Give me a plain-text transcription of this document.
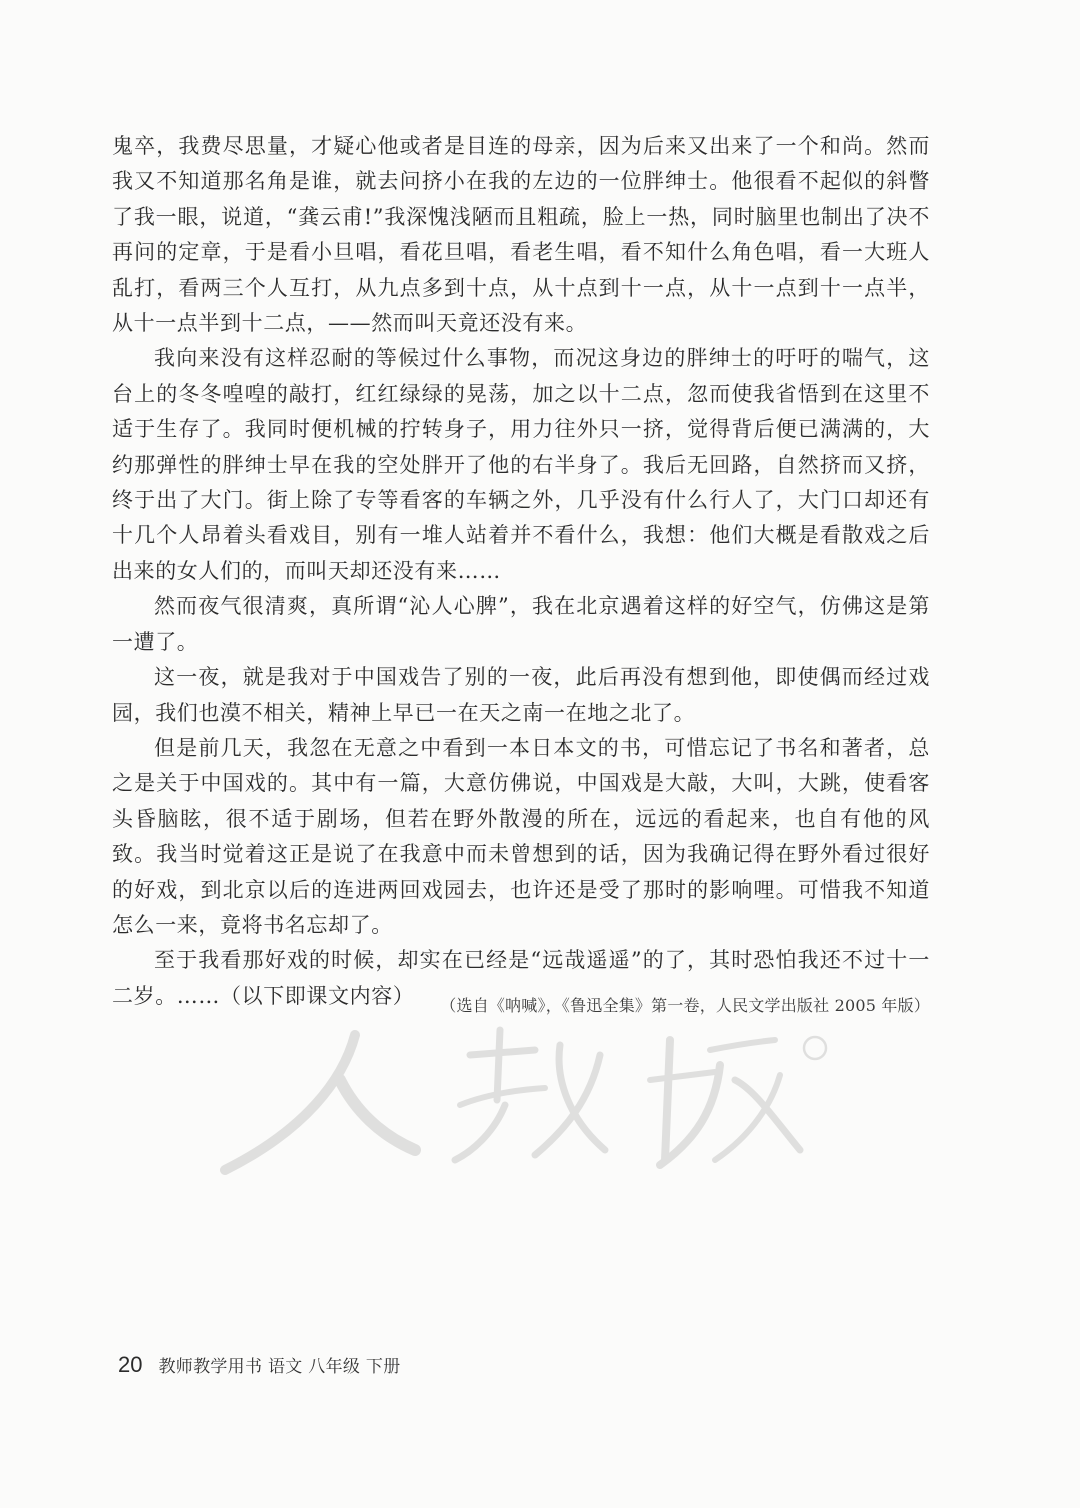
鬼卒，我费尽思量，才疑心他或者是目连的母亲，因为后来又出来了一个和尚。然而我又不知道那名角是谁，就去问挤小在我的左边的一位胖绅士。他很看不起似的斜瞥了我一眼，说道，“龚云甫!”我深愧浅陋而且粗疏，脸上一热，同时脑里也制出了决不再问的定章，于是看小旦唱，看花旦唱，看老生唱，看不知什么角色唱，看一大班人乱打，看两三个人互打，从九点多到十点，从十点到十一点，从十一点到十一点半，从十一点半到十二点，——然而叫天竟还没有来。

我向来没有这样忍耐的等候过什么事物，而况这身边的胖绅士的吁吁的喘气，这台上的冬冬喤喤的敲打，红红绿绿的晃荡，加之以十二点，忽而使我省悟到在这里不适于生存了。我同时便机械的拧转身子，用力往外只一挤，觉得背后便已满满的，大约那弹性的胖绅士早在我的空处胖开了他的右半身了。我后无回路，自然挤而又挤，终于出了大门。街上除了专等看客的车辆之外，几乎没有什么行人了，大门口却还有十几个人昂着头看戏目，别有一堆人站着并不看什么，我想：他们大概是看散戏之后出来的女人们的，而叫天却还没有来……

然而夜气很清爽，真所谓“沁人心脾”，我在北京遇着这样的好空气，仿佛这是第一遭了。

这一夜，就是我对于中国戏告了别的一夜，此后再没有想到他，即使偶而经过戏园，我们也漠不相关，精神上早已一在天之南一在地之北了。

但是前几天，我忽在无意之中看到一本日本文的书，可惜忘记了书名和著者，总之是关于中国戏的。其中有一篇，大意仿佛说，中国戏是大敲，大叫，大跳，使看客头昏脑眩，很不适于剧场，但若在野外散漫的所在，远远的看起来，也自有他的风致。我当时觉着这正是说了在我意中而未曾想到的话，因为我确记得在野外看过很好的好戏，到北京以后的连进两回戏园去，也许还是受了那时的影响哩。可惜我不知道怎么一来，竟将书名忘却了。

至于我看那好戏的时候，却实在已经是“远哉遥遥”的了，其时恐怕我还不过十一二岁。……（以下即课文内容）	（选自《呐喊》，《鲁迅全集》第一卷，人民文学出版社 2005 年版）
20 教师教学用书 语文 八年级 下册
